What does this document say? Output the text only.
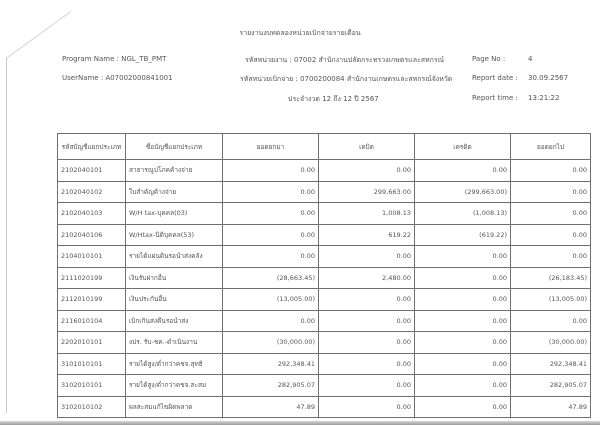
รายงานงบทดลองหน่วยเบิกจ่ายรายเดือน
Program Name : NGL_TB_PMT
UserName : A07002000841001
รหัสหน่วยงาน : 07002 สำนักงานปลัดกระทรวงเกษตรและสหกรณ์
รหัสหน่วยเบิกจ่าย : 0700200084 สำนักงานเกษตรและสหกรณ์จังหวัด
ประจำงวด 12 ถึง 12 ปี 2567
Page No :	4
Report date : 30.09.2567
Report time : 13:21:22
รหัสบัญชีแยกประเภท	ชื่อบัญชีแยกประเภท	ยอดยกมา	เดบิต	เครดิต	ยอดยกไป
2102040101	สาธารณูปโภคค้างจ่าย	0.00	0.00	0.00	0.00
2102040102	ใบสำคัญค้างจ่าย	0.00	299,663.00	(299,663.00)	0.00
2102040103	W/H tax-บุคคล(03)	0.00	1,008.13	(1,008.13)	0.00
2102040106	W/Htax-นิติบุคคล(53)	0.00	619.22	(619.22)	0.00
2104010101	รายได้แผ่นดินรอนำส่งคลัง	0.00	0.00	0.00	0.00
2111020199	เงินรับฝากอื่น	(28,663.45)	2,480.00	0.00	(26,183.45)
2112010199	เงินประกันอื่น	(13,005.00)	0.00	0.00	(13,005.00)
2116010104	เบิกเกินส่งคืนรอนำส่ง	0.00	0.00	0.00	0.00
2202010101	งปร. รับ-ชค.-ดำเนินงาน	(30,000.00)	0.00	0.00	(30,000.00)
3101010101	รายได้สูง/ต่ำกว่าคชจ.สุทธิ	292,348.41	0.00	0.00	292,348.41
3102010101	รายได้สูง/ต่ำกว่าคชจ.สะสม	282,905.07	0.00	0.00	282,905.07
3102010102	ผลสะสมแก้ไขผิดพลาด	47.89	0.00	0.00	47.89
